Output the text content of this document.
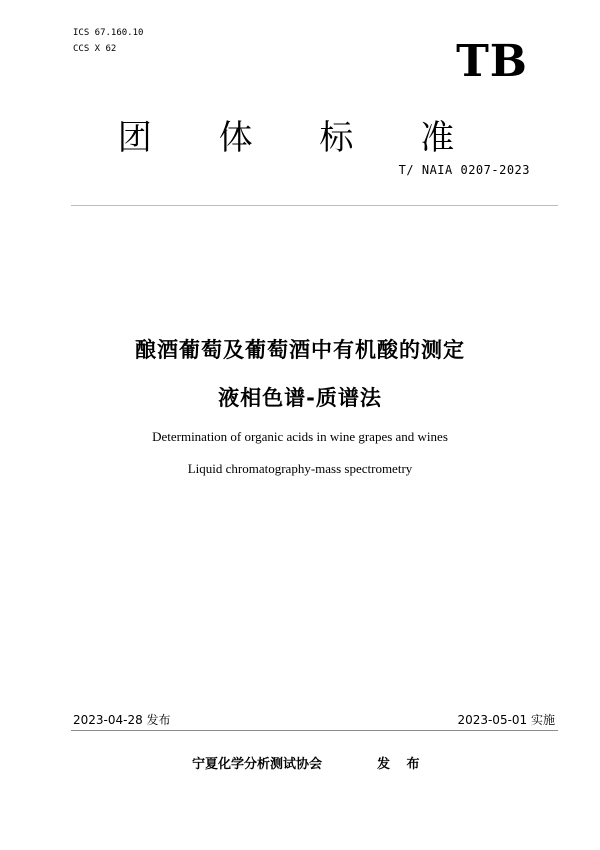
ICS 67.160.10
CCS X 62	TB
团 体 标 准
T/ NAIA 0207-2023
酿酒葡萄及葡萄酒中有机酸的测定
液相色谱-质谱法
Determination of organic acids in wine grapes and wines
Liquid chromatography-mass spectrometry
2023-04-28 发布	2023-05-01 实施
宁夏化学分析测试协会	发 布
